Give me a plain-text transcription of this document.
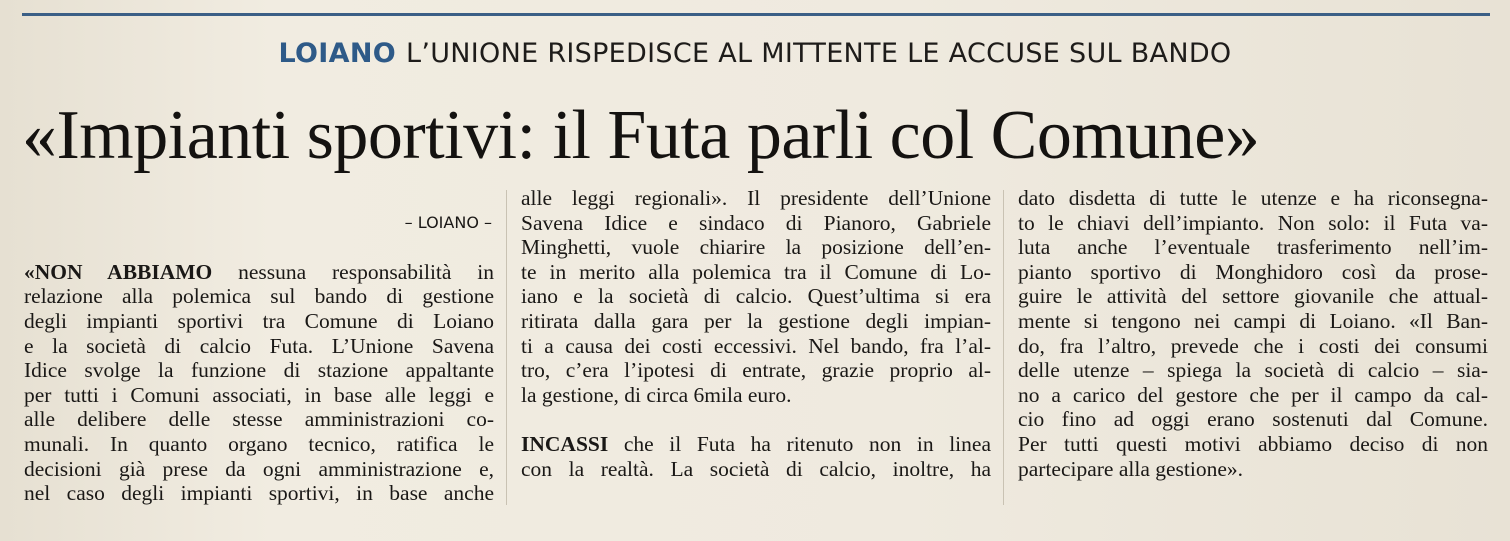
LOIANO L’UNIONE RISPEDISCE AL MITTENTE LE ACCUSE SUL BANDO
«Impianti sportivi: il Futa parli col Comune»
– LOIANO –
«NON ABBIAMO nessuna responsabilità in
relazione alla polemica sul bando di gestione
degli impianti sportivi tra Comune di Loiano
e la società di calcio Futa. L’Unione Savena
Idice svolge la funzione di stazione appaltante
per tutti i Comuni associati, in base alle leggi e
alle delibere delle stesse amministrazioni co-
munali. In quanto organo tecnico, ratifica le
decisioni già prese da ogni amministrazione e,
nel caso degli impianti sportivi, in base anche
alle leggi regionali». Il presidente dell’Unione
Savena Idice e sindaco di Pianoro, Gabriele
Minghetti, vuole chiarire la posizione dell’en-
te in merito alla polemica tra il Comune di Lo-
iano e la società di calcio. Quest’ultima si era
ritirata dalla gara per la gestione degli impian-
ti a causa dei costi eccessivi. Nel bando, fra l’al-
tro, c’era l’ipotesi di entrate, grazie proprio al-
la gestione, di circa 6mila euro.
INCASSI che il Futa ha ritenuto non in linea
con la realtà. La società di calcio, inoltre, ha
dato disdetta di tutte le utenze e ha riconsegna-
to le chiavi dell’impianto. Non solo: il Futa va-
luta anche l’eventuale trasferimento nell’im-
pianto sportivo di Monghidoro così da prose-
guire le attività del settore giovanile che attual-
mente si tengono nei campi di Loiano. «Il Ban-
do, fra l’altro, prevede che i costi dei consumi
delle utenze – spiega la società di calcio – sia-
no a carico del gestore che per il campo da cal-
cio fino ad oggi erano sostenuti dal Comune.
Per tutti questi motivi abbiamo deciso di non
partecipare alla gestione».
